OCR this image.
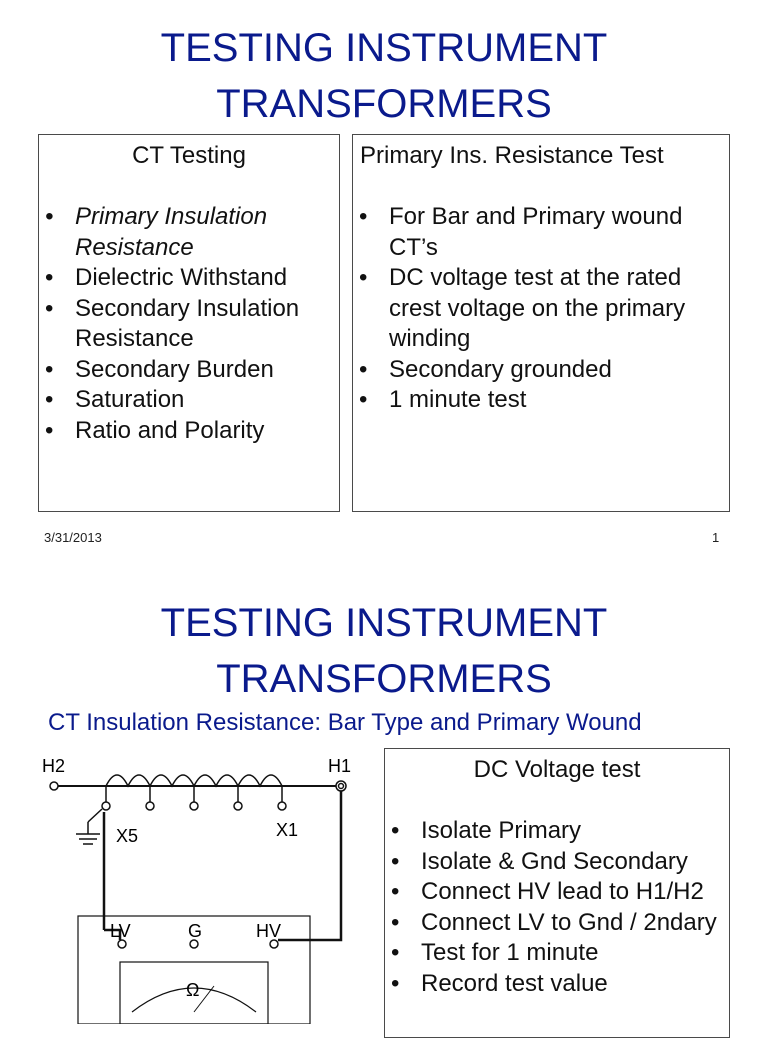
TESTING INSTRUMENT
TRANSFORMERS
CT Testing
• Primary Insulation Resistance
• Dielectric Withstand
• Secondary Insulation Resistance
• Secondary Burden
• Saturation
• Ratio and Polarity
Primary Ins. Resistance Test
• For Bar and Primary wound CT’s
• DC voltage test at the rated crest voltage on the primary winding
• Secondary grounded
• 1 minute test
3/31/2013	1
TESTING INSTRUMENT
TRANSFORMERS
CT Insulation Resistance: Bar Type and Primary Wound
H2	H1
X5	X1
LV	G	HV
Ω
DC Voltage test
• Isolate Primary
• Isolate & Gnd Secondary
• Connect HV lead to H1/H2
• Connect LV to Gnd / 2ndary
• Test for 1 minute
• Record test value
